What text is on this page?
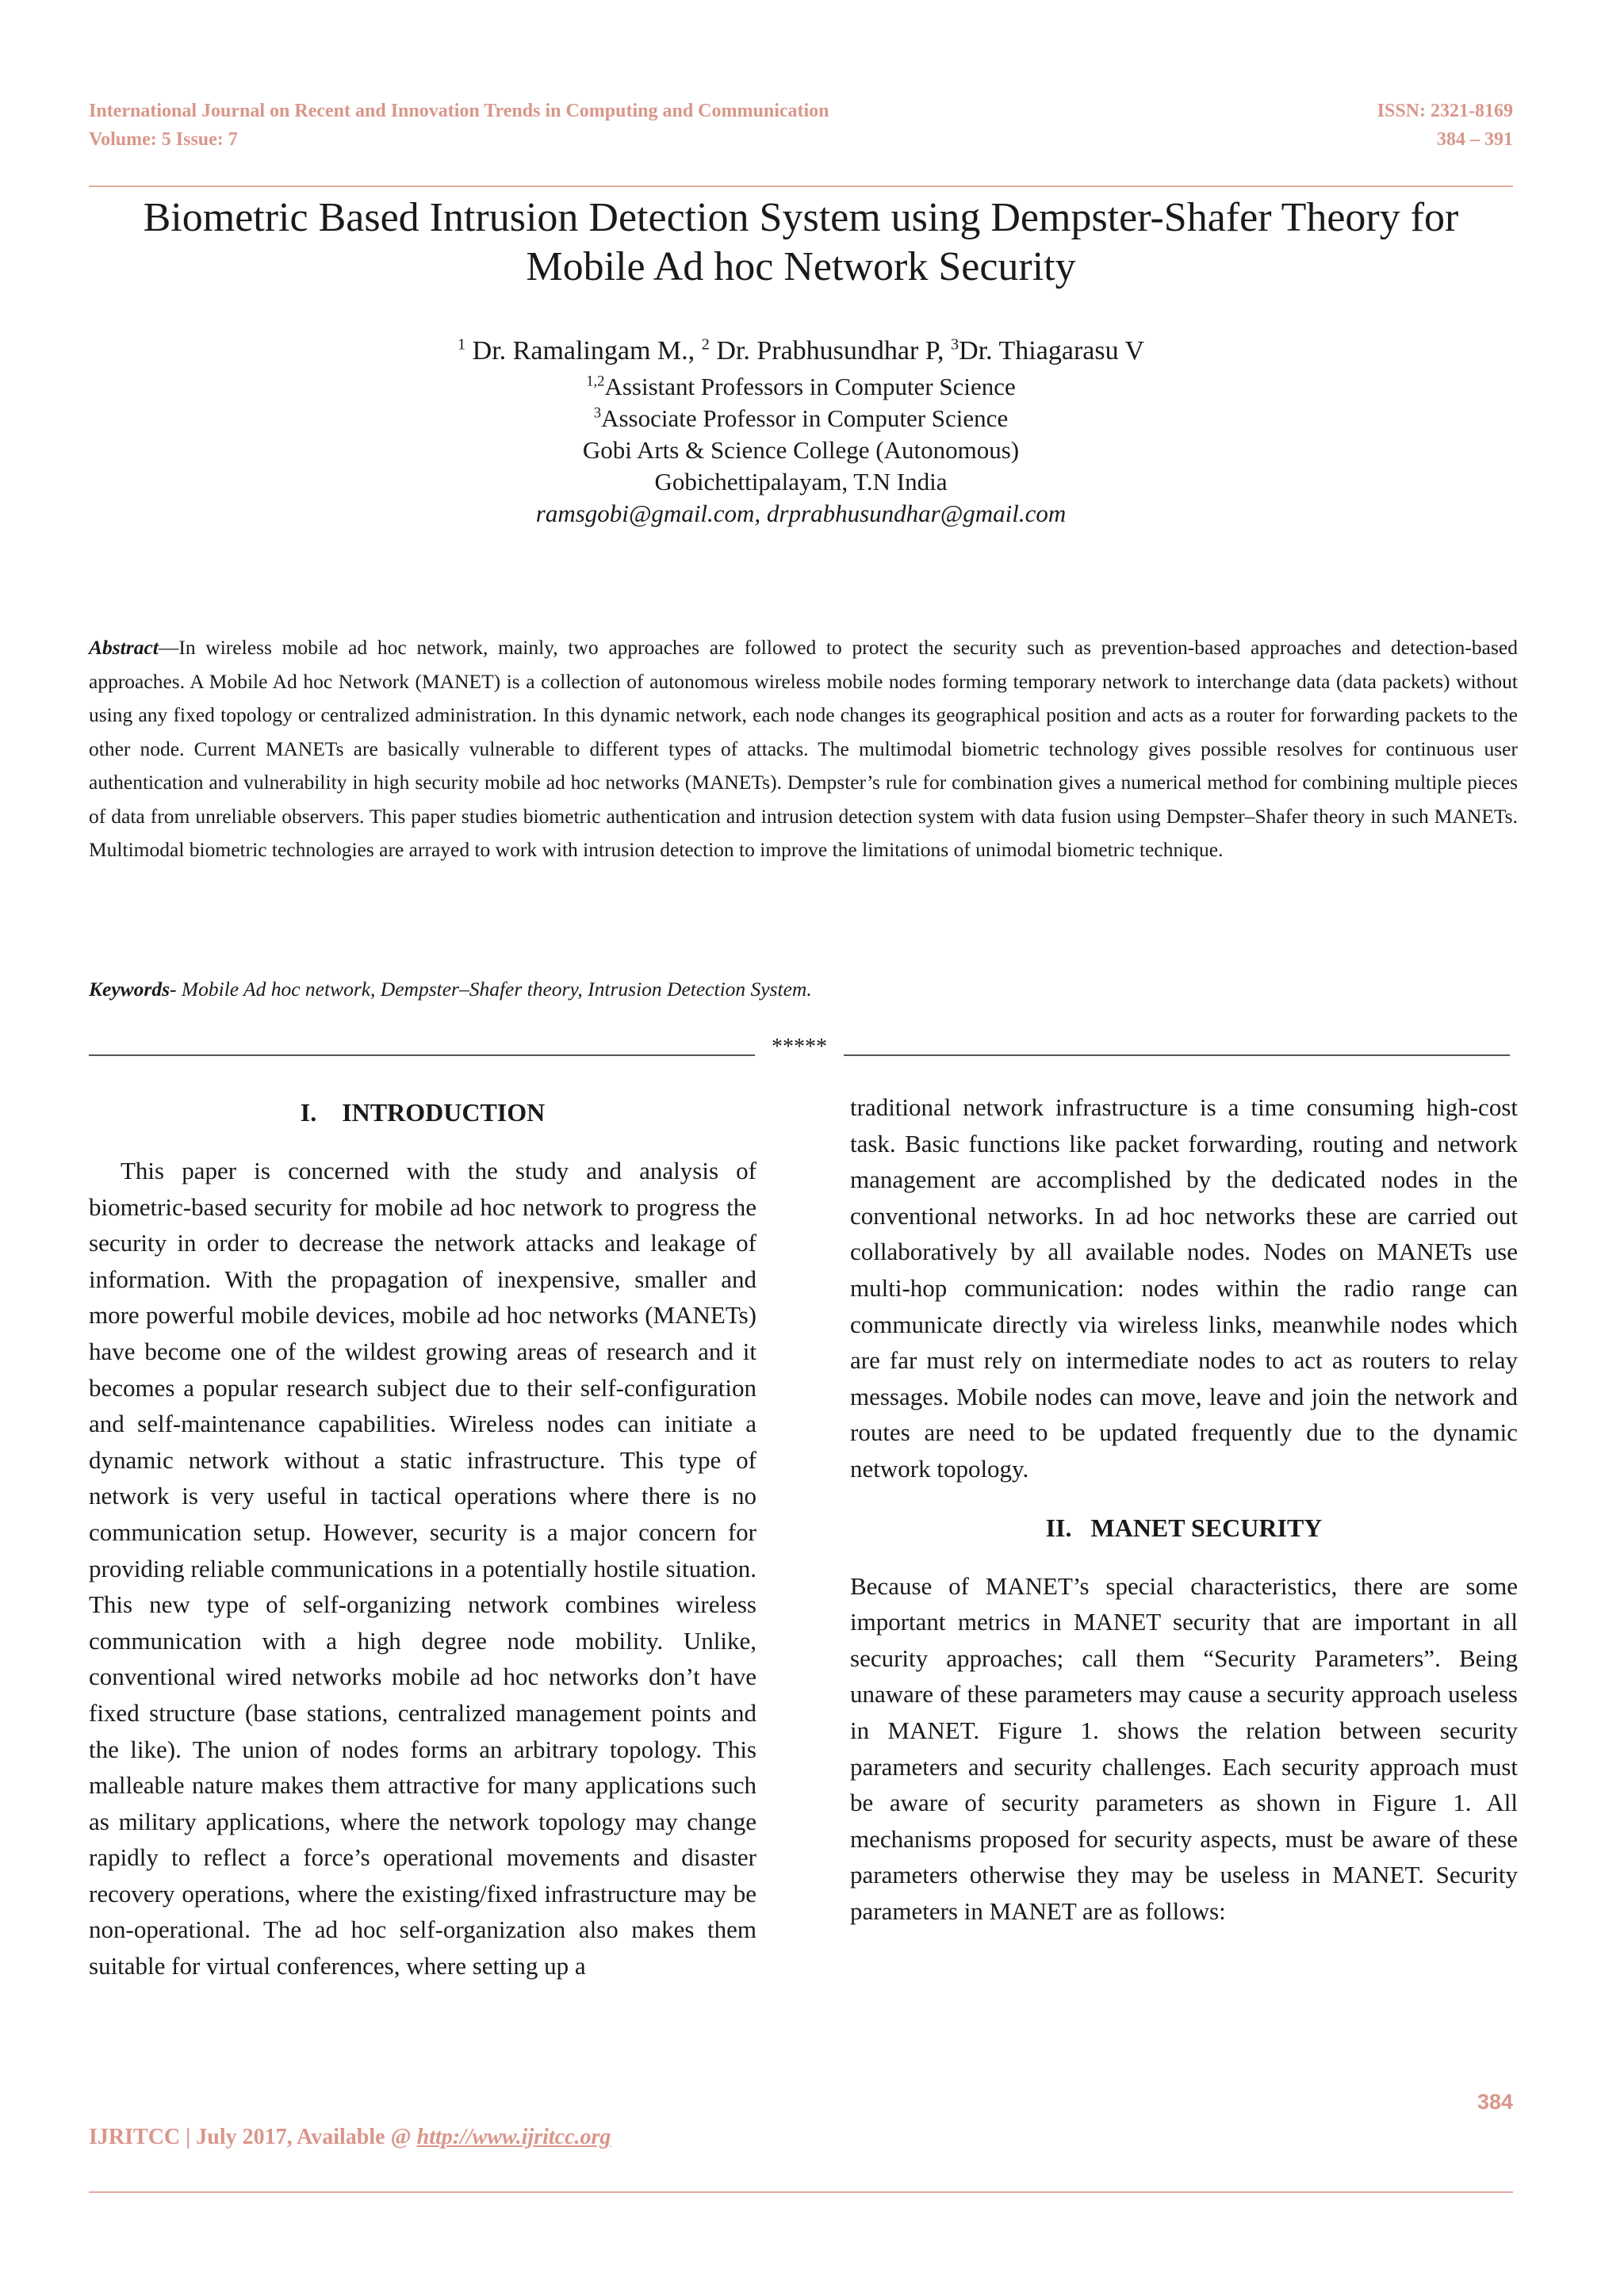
International Journal on Recent and Innovation Trends in Computing and Communication
Volume: 5 Issue: 7
ISSN: 2321-8169
384 – 391
Biometric Based Intrusion Detection System using Dempster-Shafer Theory for Mobile Ad hoc Network Security
$^1$ Dr. Ramalingam M., $^2$ Dr. Prabhusundhar P, $^3$Dr. Thiagarasu V
$^{1,2}$Assistant Professors in Computer Science
$^3$Associate Professor in Computer Science
Gobi Arts & Science College (Autonomous)
Gobichettipalayam, T.N India
ramsgobi@gmail.com, drprabhusundhar@gmail.com

Abstract—In wireless mobile ad hoc network, mainly, two approaches are followed to protect the security such as prevention-based approaches and detection-based approaches. A Mobile Ad hoc Network (MANET) is a collection of autonomous wireless mobile nodes forming temporary network to interchange data (data packets) without using any fixed topology or centralized administration. In this dynamic network, each node changes its geographical position and acts as a router for forwarding packets to the other node. Current MANETs are basically vulnerable to different types of attacks. The multimodal biometric technology gives possible resolves for continuous user authentication and vulnerability in high security mobile ad hoc networks (MANETs). Dempster’s rule for combination gives a numerical method for combining multiple pieces of data from unreliable observers. This paper studies biometric authentication and intrusion detection system with data fusion using Dempster–Shafer theory in such MANETs. Multimodal biometric technologies are arrayed to work with intrusion detection to improve the limitations of unimodal biometric technique.

Keywords- Mobile Ad hoc network, Dempster–Shafer theory, Intrusion Detection System.
*****
I.    INTRODUCTION

This paper is concerned with the study and analysis of biometric-based security for mobile ad hoc network to progress the security in order to decrease the network attacks and leakage of information. With the propagation of inexpensive, smaller and more powerful mobile devices, mobile ad hoc networks (MANETs) have become one of the wildest growing areas of research and it becomes a popular research subject due to their self-configuration and self-maintenance capabilities. Wireless nodes can initiate a dynamic network without a static infrastructure. This type of network is very useful in tactical operations where there is no communication setup. However, security is a major concern for providing reliable communications in a potentially hostile situation. This new type of self-organizing network combines wireless communication with a high degree node mobility. Unlike, conventional wired networks mobile ad hoc networks don’t have fixed structure (base stations, centralized management points and the like). The union of nodes forms an arbitrary topology. This malleable nature makes them attractive for many applications such as military applications, where the network topology may change rapidly to reflect a force’s operational movements and disaster recovery operations, where the existing/fixed infrastructure may be non-operational. The ad hoc self-organization also makes them suitable for virtual conferences, where setting up a

traditional network infrastructure is a time consuming high-cost task. Basic functions like packet forwarding, routing and network management are accomplished by the dedicated nodes in the conventional networks. In ad hoc networks these are carried out collaboratively by all available nodes. Nodes on MANETs use multi-hop communication: nodes within the radio range can communicate directly via wireless links, meanwhile nodes which are far must rely on intermediate nodes to act as routers to relay messages. Mobile nodes can move, leave and join the network and routes are need to be updated frequently due to the dynamic network topology.

II.   MANET SECURITY

Because of MANET’s special characteristics, there are some important metrics in MANET security that are important in all security approaches; call them “Security Parameters”. Being unaware of these parameters may cause a security approach useless in MANET. Figure 1. shows the relation between security parameters and security challenges. Each security approach must be aware of security parameters as shown in Figure 1. All mechanisms proposed for security aspects, must be aware of these parameters otherwise they may be useless in MANET. Security parameters in MANET are as follows:

384
IJRITCC | July 2017, Available @ http://www.ijritcc.org
